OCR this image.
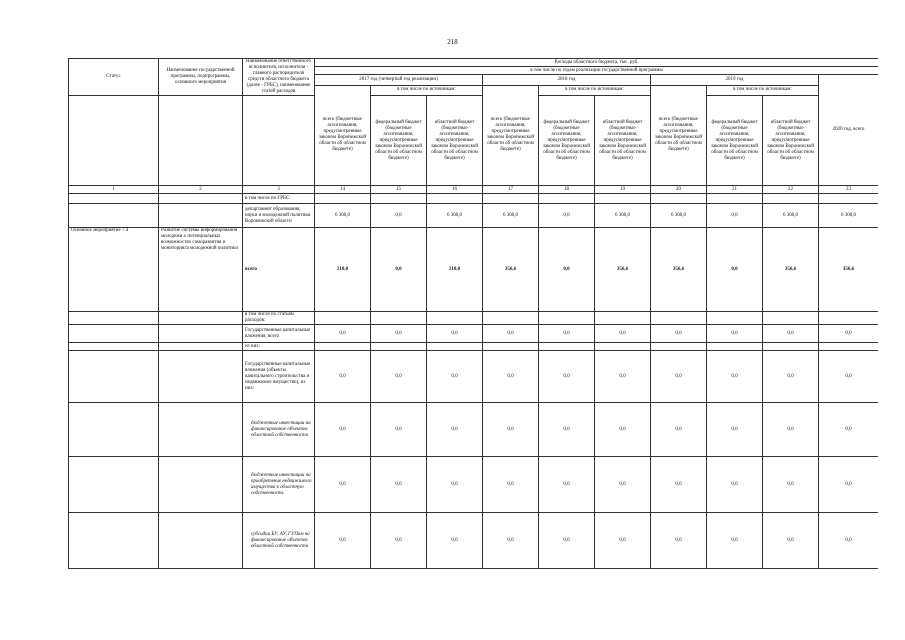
218
Статус	Наименование государственной программы, подпрограммы, основного мероприятия	Наименование ответственного исполнителя, исполнителя - главного распорядителя средств областного бюджета (далее - ГРБС), наименование статей расходов	Расходы областного бюджета, тыс. руб.									
			в том числе по годам реализации государственной программы									
			2017 год (четвертый год реализации)			2018 год			2019 год			2020 год, всего
			всего (бюджетные ассигнования, предусмотренные законом Воронежской области об областном бюджете)	в том числе по источникам:		всего (бюджетные ассигнования, предусмотренные законом Воронежской области об областном бюджете)	в том числе по источникам:		всего (бюджетные ассигнования, предусмотренные законом Воронежской области об областном бюджете)	в том числе по источникам:		
				федеральный бюджет (бюджетные ассигнования, предусмотренные законом Воронежской области об областном бюджете)	областной бюджет (бюджетные ассигнования, предусмотренные законом Воронежской области об областном бюджете)		федеральный бюджет (бюджетные ассигнования, предусмотренные законом Воронежской области об областном бюджете)	областной бюджет (бюджетные ассигнования, предусмотренные законом Воронежской области об областном бюджете)		федеральный бюджет (бюджетные ассигнования, предусмотренные законом Воронежской области об областном бюджете)	областной бюджет (бюджетные ассигнования, предусмотренные законом Воронежской области об областном бюджете)	
1	2	3	14	15	16	17	18	19	20	21	22	23
		в том числе по ГРБС:										
		департамент образования, науки и молодежной политики Воронежской области	6 300,0	0,0	6 300,0	6 300,0	0,0	6 300,0	6 300,0	0,0	6 300,0	6 300,0
Основное мероприятие 7.4	Развитие системы информирования молодежи о потенциальных возможностях саморазвития и мониторинга молодежной политики	всего	210,0	0,0	210,0	356,6	0,0	356,6	356,6	0,0	356,6	356,6
		в том числе по статьям расходов:										
		Государственные капитальные вложения, всего	0,0	0,0	0,0	0,0	0,0	0,0	0,0	0,0	0,0	0,0
		из них:										
		Государственные капитальные вложения (объекты капитального строительства и недвижимое имущество), из них:	0,0	0,0	0,0	0,0	0,0	0,0	0,0	0,0	0,0	0,0
		бюджетные инвестиции на финансирование объектов областной собственности	0,0	0,0	0,0	0,0	0,0	0,0	0,0	0,0	0,0	0,0
		бюджетные инвестиции на приобретение недвижимого имущества в областную собственность	0,0	0,0	0,0	0,0	0,0	0,0	0,0	0,0	0,0	0,0
		субсидии БУ, АУ, ГУПам на финансирование объектов областной собственности	0,0	0,0	0,0	0,0	0,0	0,0	0,0	0,0	0,0	0,0
